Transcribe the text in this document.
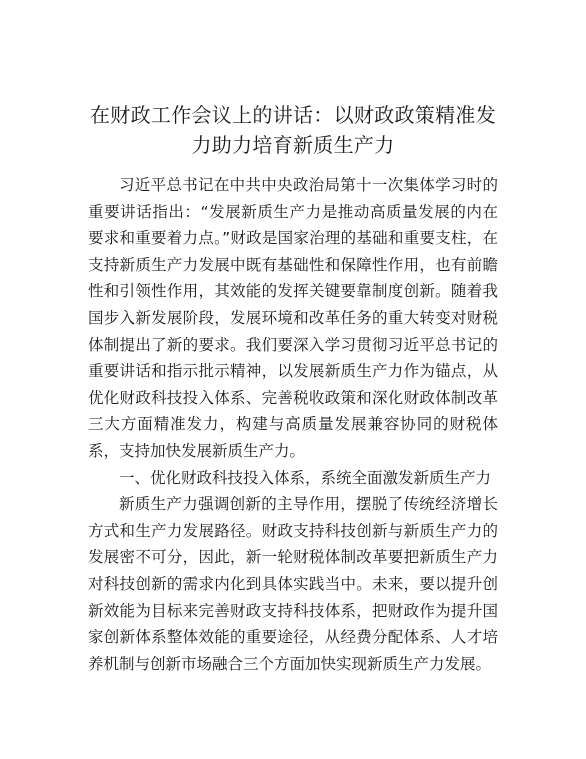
在财政工作会议上的讲话：以财政政策精准发力助力培育新质生产力

习近平总书记在中共中央政治局第十一次集体学习时的重要讲话指出：“发展新质生产力是推动高质量发展的内在要求和重要着力点。”财政是国家治理的基础和重要支柱，在支持新质生产力发展中既有基础性和保障性作用，也有前瞻性和引领性作用，其效能的发挥关键要靠制度创新。随着我国步入新发展阶段，发展环境和改革任务的重大转变对财税体制提出了新的要求。我们要深入学习贯彻习近平总书记的重要讲话和指示批示精神，以发展新质生产力作为锚点，从优化财政科技投入体系、完善税收政策和深化财政体制改革三大方面精准发力，构建与高质量发展兼容协同的财税体系，支持加快发展新质生产力。

一、优化财政科技投入体系，系统全面激发新质生产力

新质生产力强调创新的主导作用，摆脱了传统经济增长方式和生产力发展路径。财政支持科技创新与新质生产力的发展密不可分，因此，新一轮财税体制改革要把新质生产力对科技创新的需求内化到具体实践当中。未来，要以提升创新效能为目标来完善财政支持科技体系，把财政作为提升国家创新体系整体效能的重要途径，从经费分配体系、人才培养机制与创新市场融合三个方面加快实现新质生产力发展。
